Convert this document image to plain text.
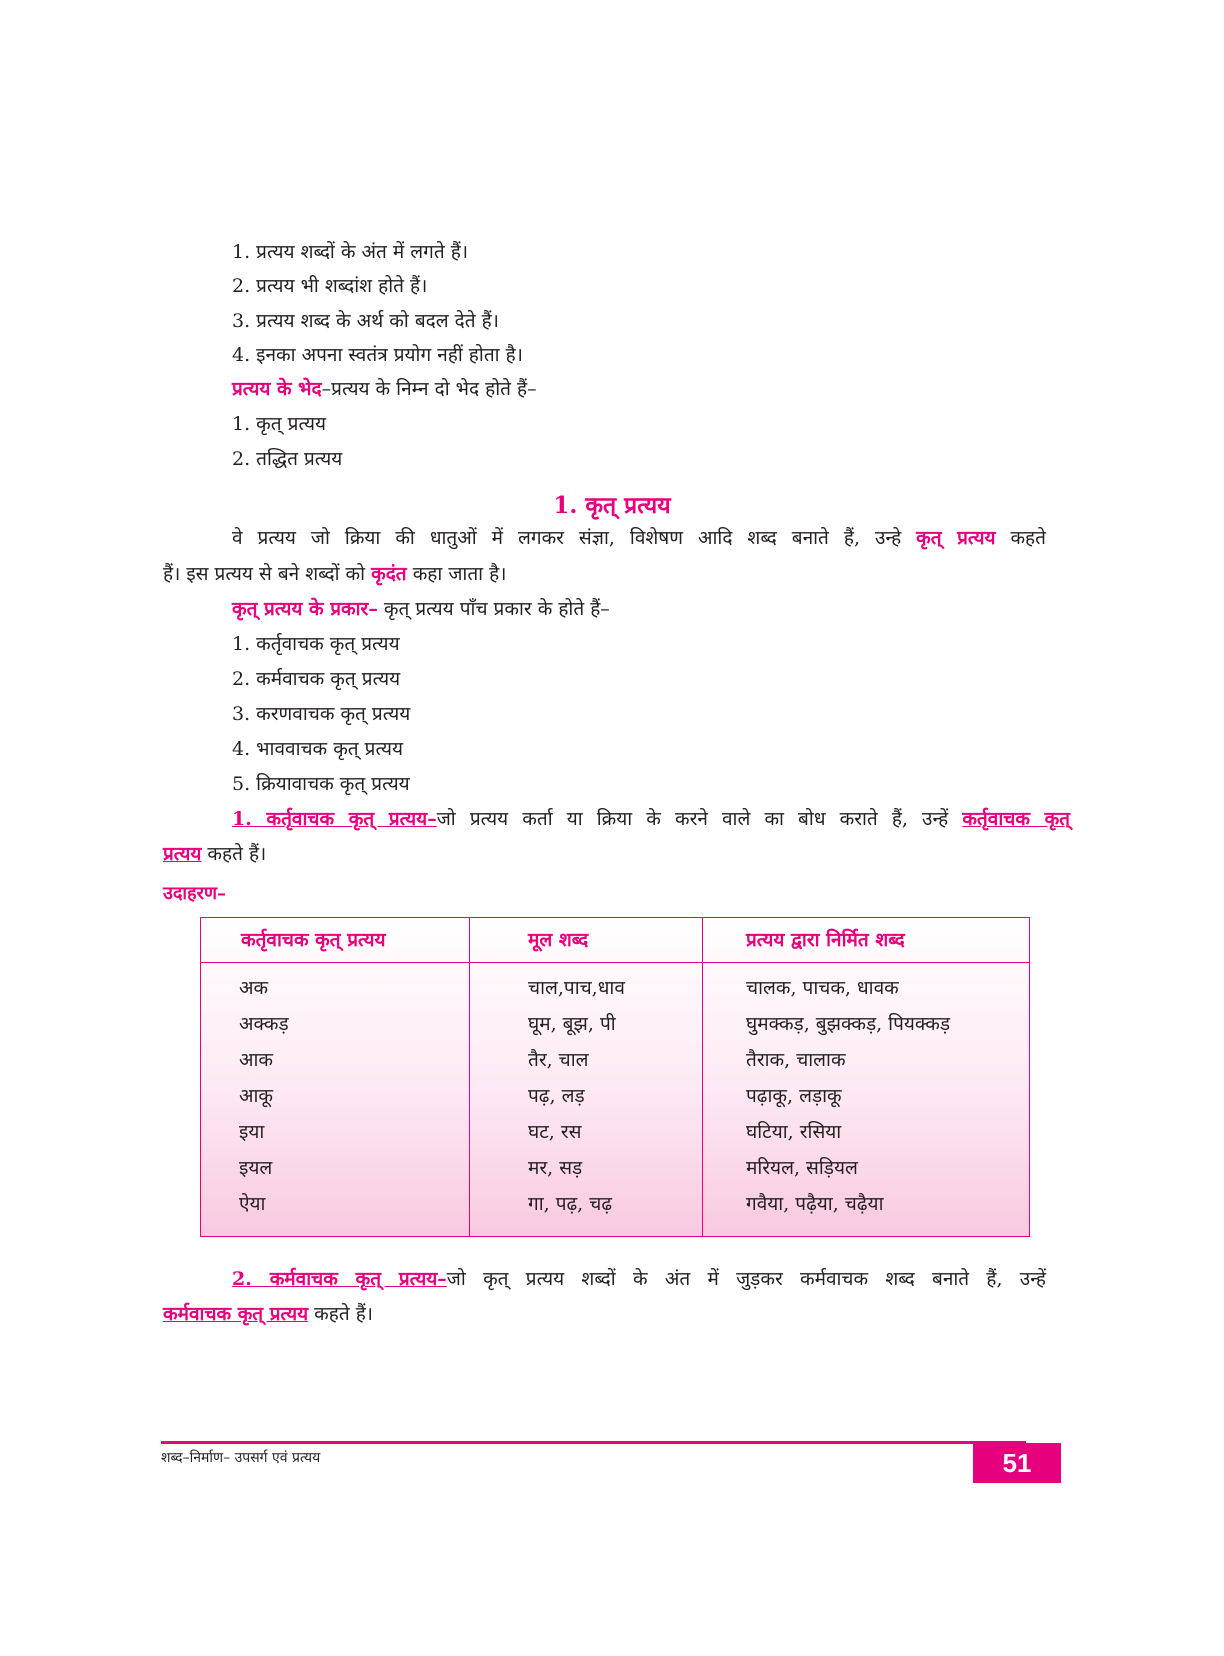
1. प्रत्यय शब्दों के अंत में लगते हैं।
2. प्रत्यय भी शब्दांश होते हैं।
3. प्रत्यय शब्द के अर्थ को बदल देते हैं।
4. इनका अपना स्वतंत्र प्रयोग नहीं होता है।
प्रत्यय के भेद–प्रत्यय के निम्न दो भेद होते हैं–
1. कृत् प्रत्यय
2. तद्धित प्रत्यय
1. कृत् प्रत्यय
वे प्रत्यय जो क्रिया की धातुओं में लगकर संज्ञा, विशेषण आदि शब्द बनाते हैं, उन्हे कृत् प्रत्यय कहते
हैं। इस प्रत्यय से बने शब्दों को कृदंत कहा जाता है।
कृत् प्रत्यय के प्रकार– कृत् प्रत्यय पाँच प्रकार के होते हैं–
1. कर्तृवाचक कृत् प्रत्यय
2. कर्मवाचक कृत् प्रत्यय
3. करणवाचक कृत् प्रत्यय
4. भाववाचक कृत् प्रत्यय
5. क्रियावाचक कृत् प्रत्यय
1. कर्तृवाचक कृत् प्रत्यय–जो प्रत्यय कर्ता या क्रिया के करने वाले का बोध कराते हैं, उन्हें कर्तृवाचक कृत्
प्रत्यय कहते हैं।
उदाहरण–
कर्तृवाचक कृत् प्रत्यय	मूल शब्द	प्रत्यय द्वारा निर्मित शब्द
अक	चाल,पाच,धाव	चालक, पाचक, धावक
अक्कड़	घूम, बूझ, पी	घुमक्कड़, बुझक्कड़, पियक्कड़
आक	तैर, चाल	तैराक, चालाक
आकू	पढ़, लड़	पढ़ाकू, लड़ाकू
इया	घट, रस	घटिया, रसिया
इयल	मर, सड़	मरियल, सड़ियल
ऐया	गा, पढ़, चढ़	गवैया, पढ़ैया, चढ़ैया
2. कर्मवाचक कृत् प्रत्यय–जो कृत् प्रत्यय शब्दों के अंत में जुड़कर कर्मवाचक शब्द बनाते हैं, उन्हें
कर्मवाचक कृत् प्रत्यय कहते हैं।
शब्द–निर्माण– उपसर्ग एवं प्रत्यय	51
